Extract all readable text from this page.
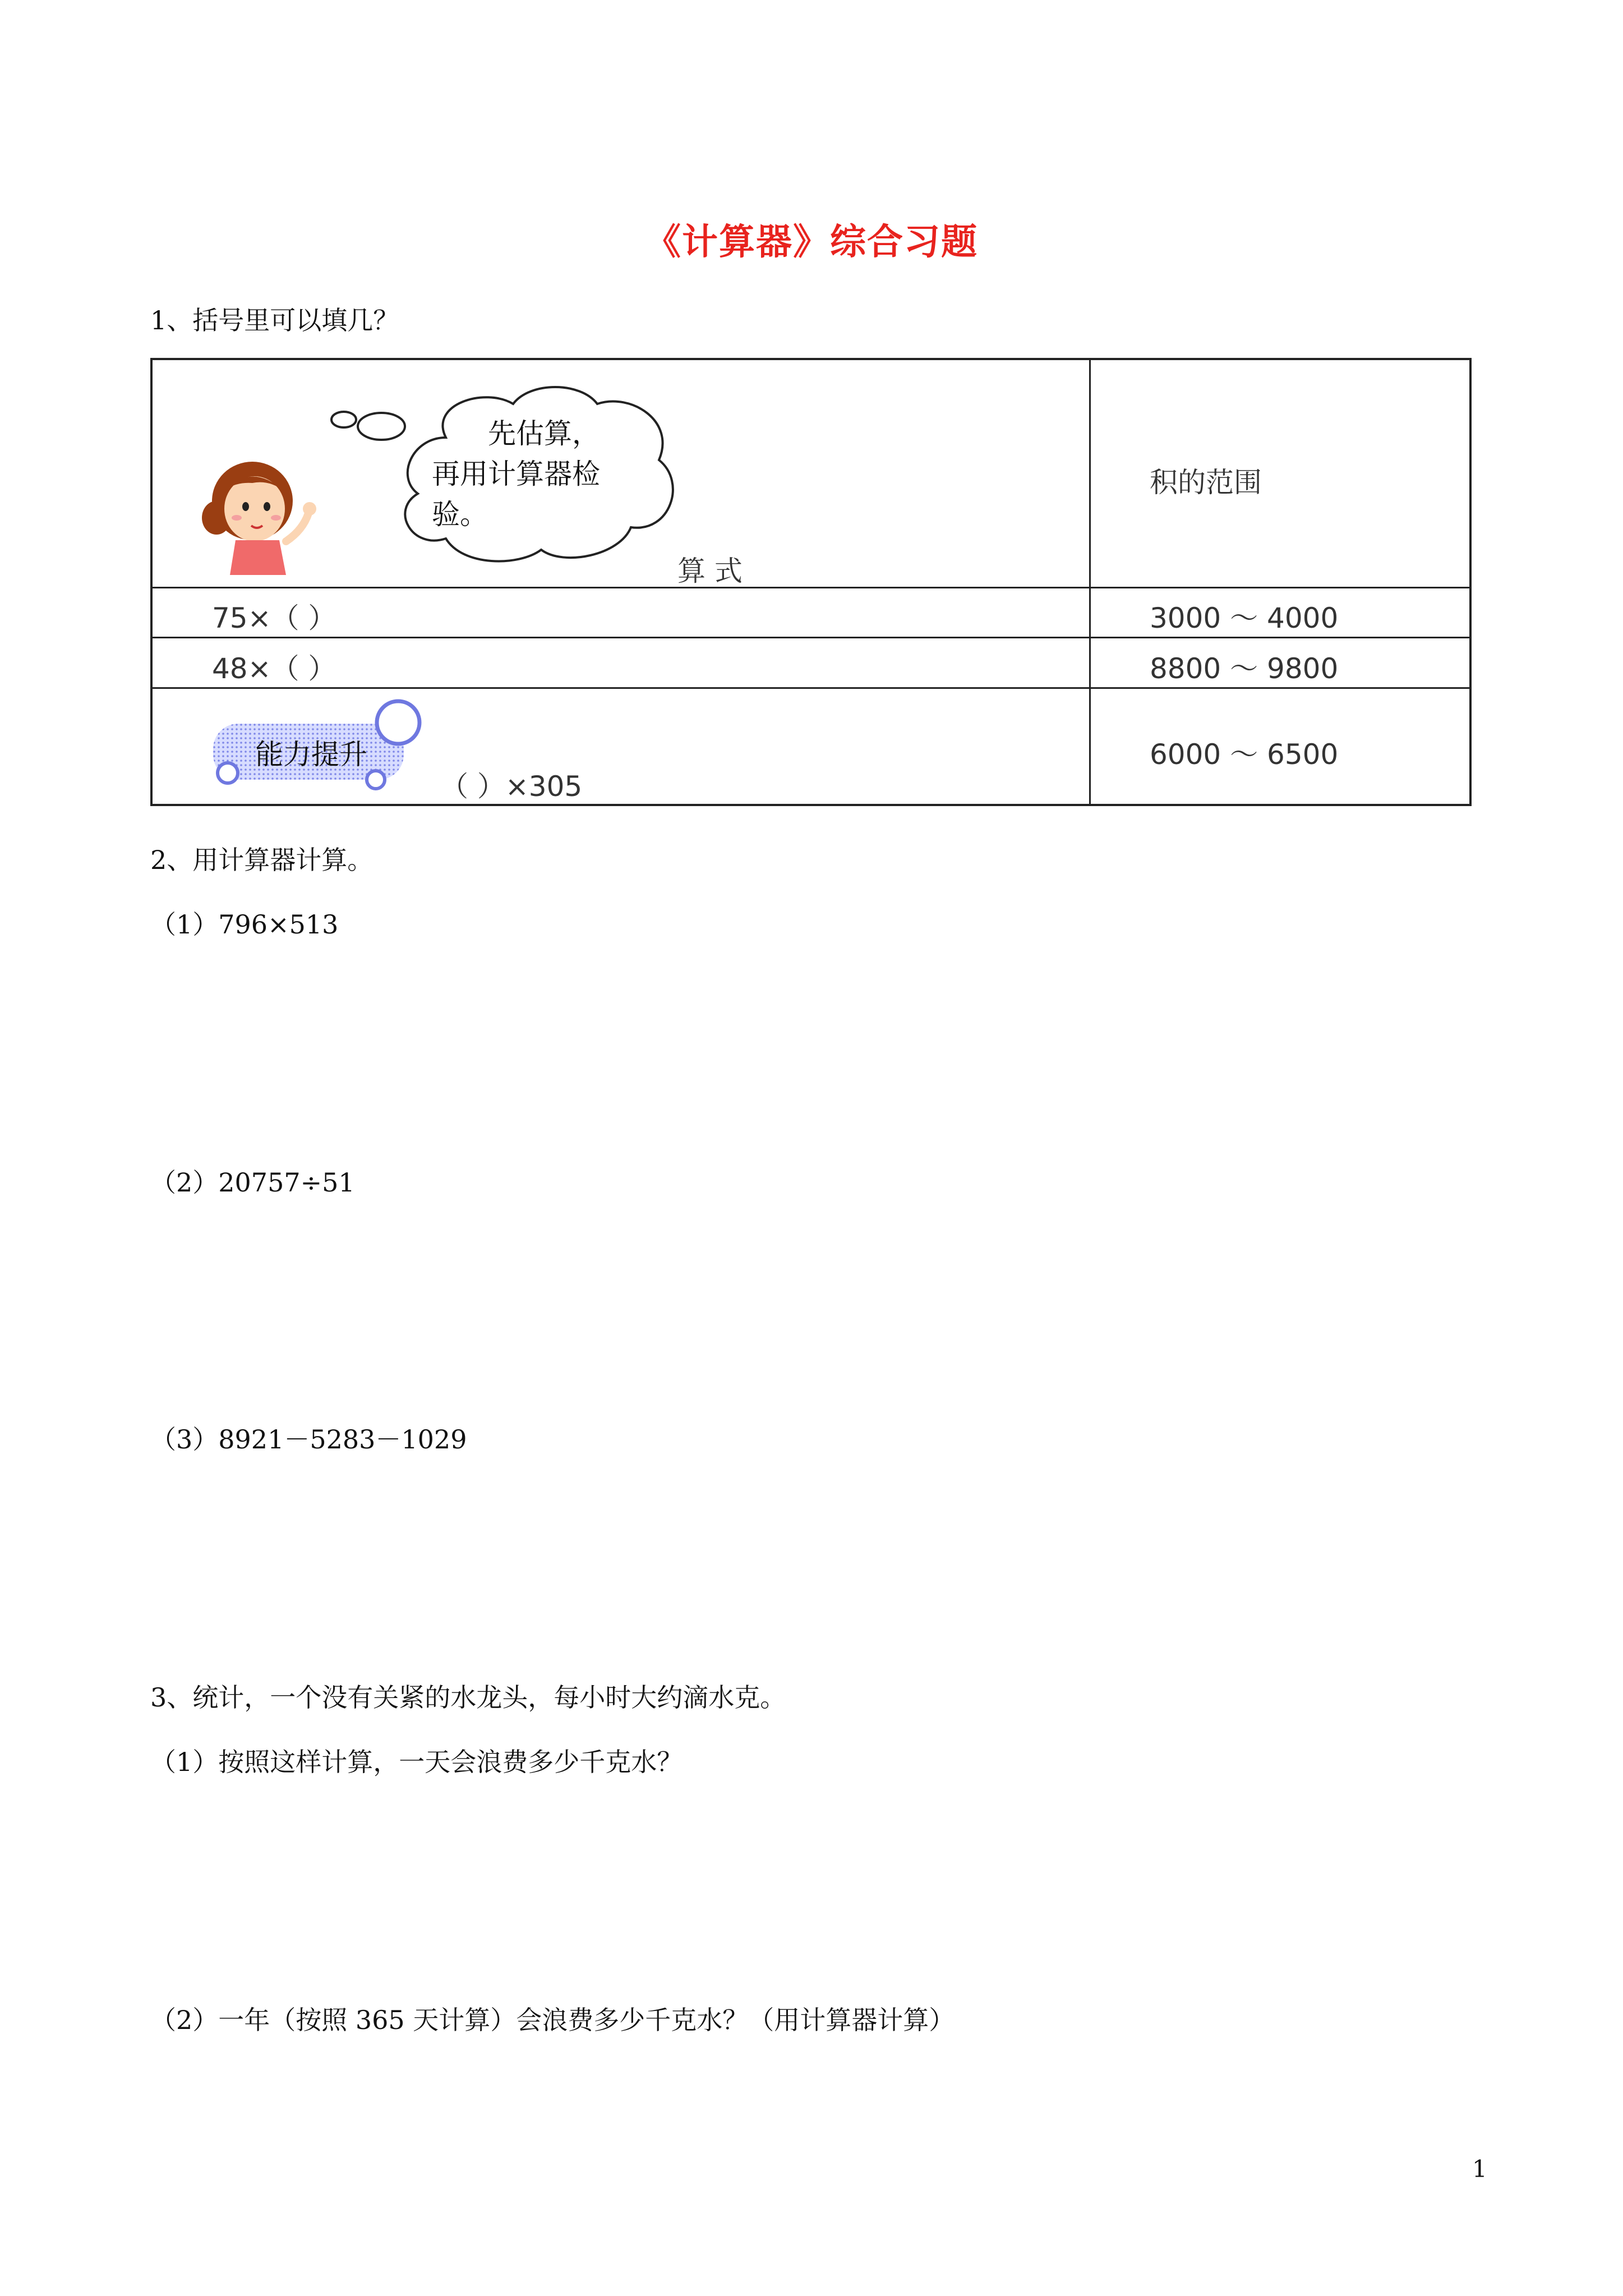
《计算器》综合习题
1、括号里可以填几？
先估算，
再用计算器检
验。
算 式
积的范围
75×（ ）	3000 ～ 4000
48×（ ）	8800 ～ 9800
能力提升
（ ）×305
6000 ～ 6500
2、用计算器计算。
（1）796×513
（2）20757÷51
（3）8921－5283－1029
3、统计，一个没有关紧的水龙头，每小时大约滴水克。
（1）按照这样计算，一天会浪费多少千克水？
（2）一年（按照 365 天计算）会浪费多少千克水？（用计算器计算）
1
